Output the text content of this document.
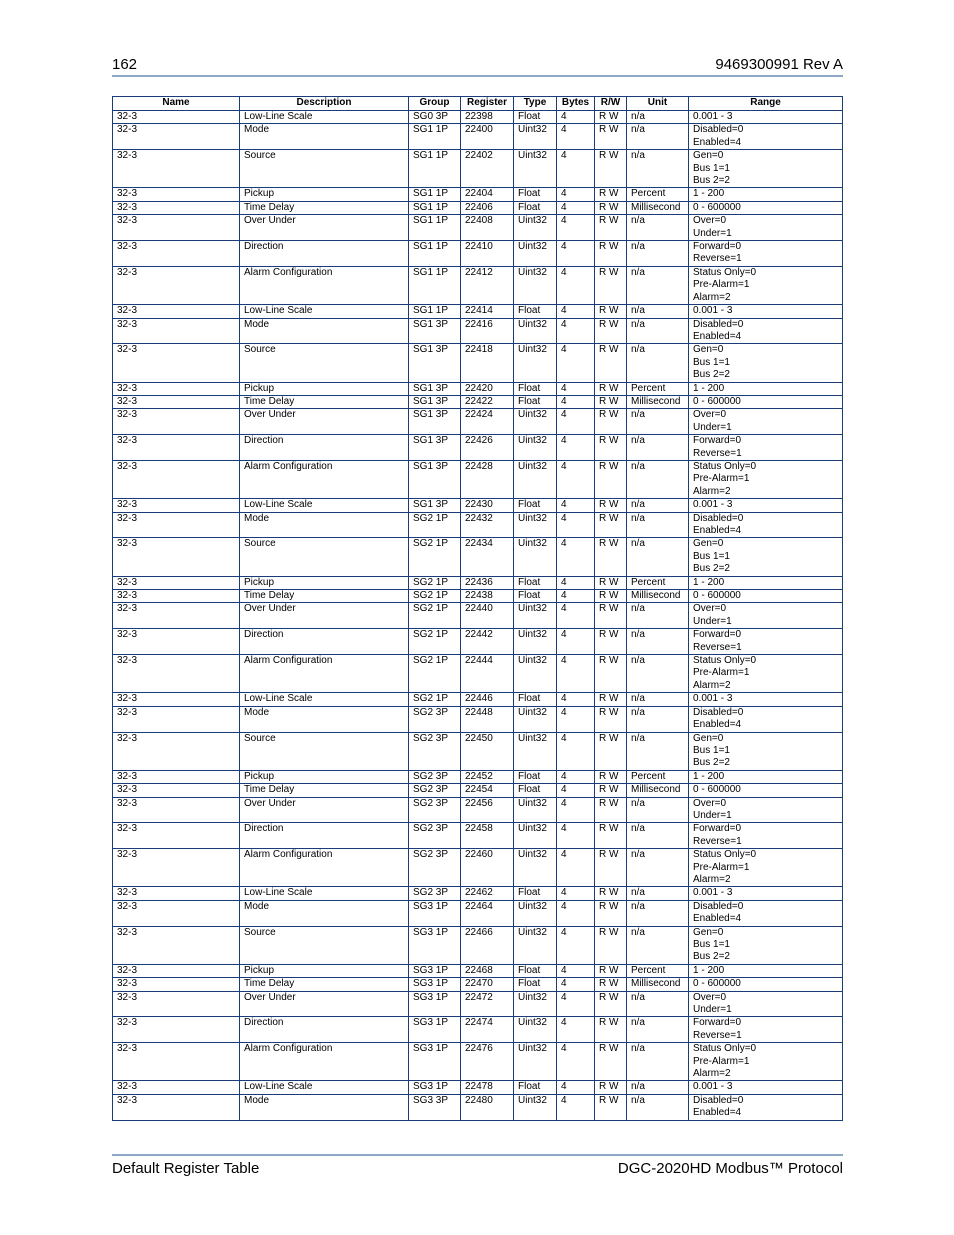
162	9469300991 Rev A
Name	Description	Group	Register	Type	Bytes	R/W	Unit	Range
32-3	Low-Line Scale	SG0 3P	22398	Float	4	R W	n/a	0.001 - 3
32-3	Mode	SG1 1P	22400	Uint32	4	R W	n/a	Disabled=0
Enabled=4
32-3	Source	SG1 1P	22402	Uint32	4	R W	n/a	Gen=0
Bus 1=1
Bus 2=2
32-3	Pickup	SG1 1P	22404	Float	4	R W	Percent	1 - 200
32-3	Time Delay	SG1 1P	22406	Float	4	R W	Millisecond	0 - 600000
32-3	Over Under	SG1 1P	22408	Uint32	4	R W	n/a	Over=0
Under=1
32-3	Direction	SG1 1P	22410	Uint32	4	R W	n/a	Forward=0
Reverse=1
32-3	Alarm Configuration	SG1 1P	22412	Uint32	4	R W	n/a	Status Only=0
Pre-Alarm=1
Alarm=2
32-3	Low-Line Scale	SG1 1P	22414	Float	4	R W	n/a	0.001 - 3
32-3	Mode	SG1 3P	22416	Uint32	4	R W	n/a	Disabled=0
Enabled=4
32-3	Source	SG1 3P	22418	Uint32	4	R W	n/a	Gen=0
Bus 1=1
Bus 2=2
32-3	Pickup	SG1 3P	22420	Float	4	R W	Percent	1 - 200
32-3	Time Delay	SG1 3P	22422	Float	4	R W	Millisecond	0 - 600000
32-3	Over Under	SG1 3P	22424	Uint32	4	R W	n/a	Over=0
Under=1
32-3	Direction	SG1 3P	22426	Uint32	4	R W	n/a	Forward=0
Reverse=1
32-3	Alarm Configuration	SG1 3P	22428	Uint32	4	R W	n/a	Status Only=0
Pre-Alarm=1
Alarm=2
32-3	Low-Line Scale	SG1 3P	22430	Float	4	R W	n/a	0.001 - 3
32-3	Mode	SG2 1P	22432	Uint32	4	R W	n/a	Disabled=0
Enabled=4
32-3	Source	SG2 1P	22434	Uint32	4	R W	n/a	Gen=0
Bus 1=1
Bus 2=2
32-3	Pickup	SG2 1P	22436	Float	4	R W	Percent	1 - 200
32-3	Time Delay	SG2 1P	22438	Float	4	R W	Millisecond	0 - 600000
32-3	Over Under	SG2 1P	22440	Uint32	4	R W	n/a	Over=0
Under=1
32-3	Direction	SG2 1P	22442	Uint32	4	R W	n/a	Forward=0
Reverse=1
32-3	Alarm Configuration	SG2 1P	22444	Uint32	4	R W	n/a	Status Only=0
Pre-Alarm=1
Alarm=2
32-3	Low-Line Scale	SG2 1P	22446	Float	4	R W	n/a	0.001 - 3
32-3	Mode	SG2 3P	22448	Uint32	4	R W	n/a	Disabled=0
Enabled=4
32-3	Source	SG2 3P	22450	Uint32	4	R W	n/a	Gen=0
Bus 1=1
Bus 2=2
32-3	Pickup	SG2 3P	22452	Float	4	R W	Percent	1 - 200
32-3	Time Delay	SG2 3P	22454	Float	4	R W	Millisecond	0 - 600000
32-3	Over Under	SG2 3P	22456	Uint32	4	R W	n/a	Over=0
Under=1
32-3	Direction	SG2 3P	22458	Uint32	4	R W	n/a	Forward=0
Reverse=1
32-3	Alarm Configuration	SG2 3P	22460	Uint32	4	R W	n/a	Status Only=0
Pre-Alarm=1
Alarm=2
32-3	Low-Line Scale	SG2 3P	22462	Float	4	R W	n/a	0.001 - 3
32-3	Mode	SG3 1P	22464	Uint32	4	R W	n/a	Disabled=0
Enabled=4
32-3	Source	SG3 1P	22466	Uint32	4	R W	n/a	Gen=0
Bus 1=1
Bus 2=2
32-3	Pickup	SG3 1P	22468	Float	4	R W	Percent	1 - 200
32-3	Time Delay	SG3 1P	22470	Float	4	R W	Millisecond	0 - 600000
32-3	Over Under	SG3 1P	22472	Uint32	4	R W	n/a	Over=0
Under=1
32-3	Direction	SG3 1P	22474	Uint32	4	R W	n/a	Forward=0
Reverse=1
32-3	Alarm Configuration	SG3 1P	22476	Uint32	4	R W	n/a	Status Only=0
Pre-Alarm=1
Alarm=2
32-3	Low-Line Scale	SG3 1P	22478	Float	4	R W	n/a	0.001 - 3
32-3	Mode	SG3 3P	22480	Uint32	4	R W	n/a	Disabled=0
Enabled=4
Default Register Table	DGC-2020HD Modbus™ Protocol
